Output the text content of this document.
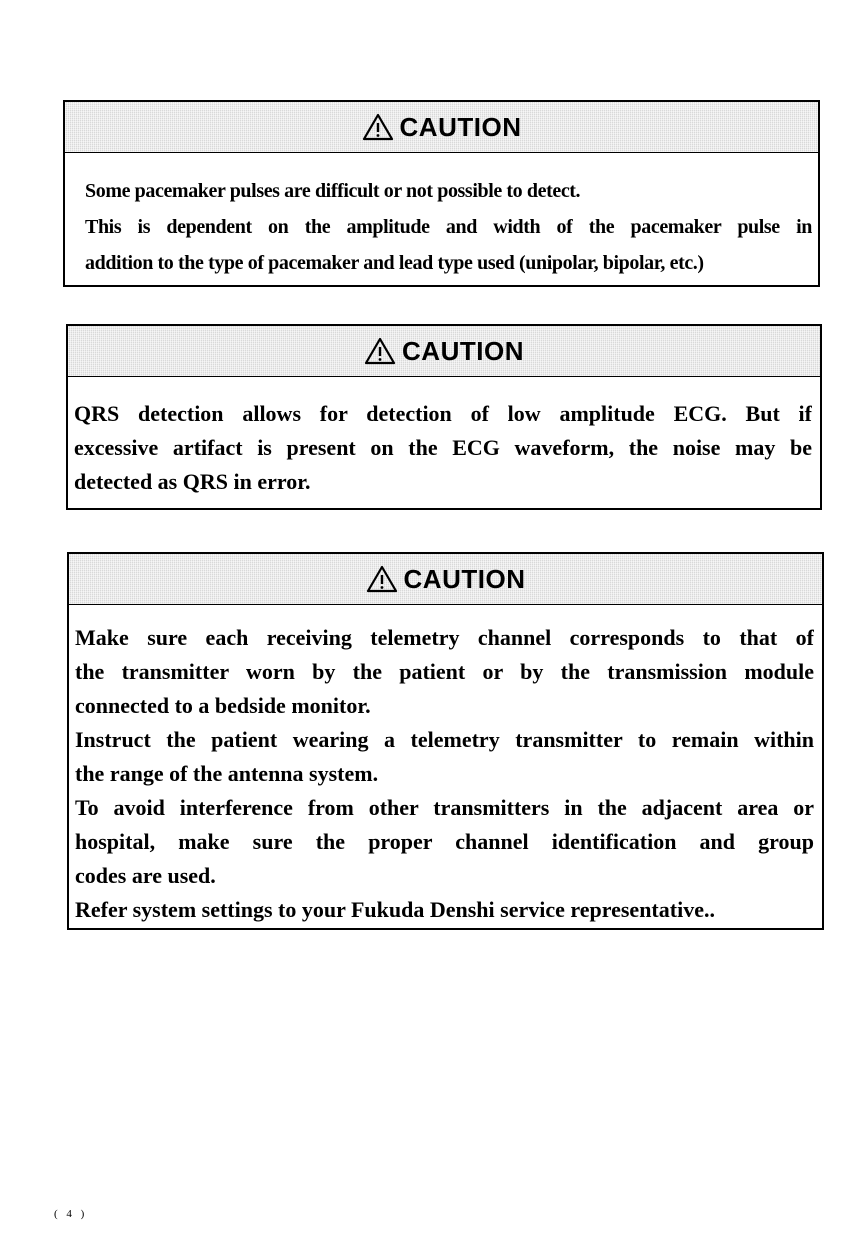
CAUTION
Some pacemaker pulses are difficult or not possible to detect.
This is dependent on the amplitude and width of the pacemaker pulse in
addition to the type of pacemaker and lead type used (unipolar, bipolar, etc.)
CAUTION
QRS detection allows for detection of low amplitude ECG. But if
excessive artifact is present on the ECG waveform, the noise may be
detected as QRS in error.
CAUTION
Make sure each receiving telemetry channel corresponds to that of
the transmitter worn by the patient or by the transmission module
connected to a bedside monitor.
Instruct the patient wearing a telemetry transmitter to remain within
the range of the antenna system.
To avoid interference from other transmitters in the adjacent area or
hospital, make sure the proper channel identification and group
codes are used.
Refer system settings to your Fukuda Denshi service representative..
( 4 )
